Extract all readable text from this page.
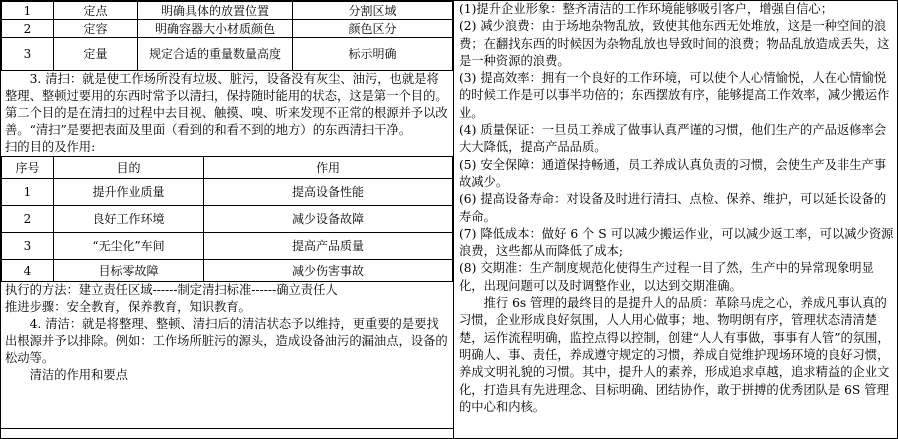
1	定点	明确具体的放置位置	分割区域
2	定容	明确容器大小材质颜色	颜色区分
3	定量	规定合适的重量数量高度	标示明确

3. 清扫：就是使工作场所没有垃圾、脏污，设备没有灰尘、油污，也就是将整理、整顿过要用的东西时常予以清扫，保持随时能用的状态，这是第一个目的。第二个目的是在清扫的过程中去目视、触摸、嗅、听来发现不正常的根源并予以改善。“清扫”是要把表面及里面（看到的和看不到的地方）的东西清扫干净。

扫的目的及作用:

序号	目的	作用
1	提升作业质量	提高设备性能
2	良好工作环境	减少设备故障
3	“无尘化”车间	提高产品质量
4	目标零故障	减少伤害事故

执行的方法：建立责任区域------制定清扫标准------确立责任人

推进步骤：安全教育，保养教育，知识教育。

4. 清洁：就是将整理、整顿、清扫后的清洁状态予以维持，更重要的是要找出根源并予以排除。例如：工作场所脏污的源头，造成设备油污的漏油点，设备的松动等。

清洁的作用和要点

(1)提升企业形象：整齐清洁的工作环境能够吸引客户，增强自信心；

(2) 减少浪费：由于场地杂物乱放，致使其他东西无处堆放，这是一种空间的浪费；在翻找东西的时候因为杂物乱放也导致时间的浪费；物品乱放造成丢失，这是一种资源的浪费。

(3) 提高效率：拥有一个良好的工作环境，可以使个人心情愉悦，人在心情愉悦的时候工作是可以事半功倍的；东西摆放有序，能够提高工作效率，减少搬运作业。

(4) 质量保证：一旦员工养成了做事认真严谨的习惯，他们生产的产品返修率会大大降低，提高产品品质。

(5) 安全保障：通道保持畅通，员工养成认真负责的习惯，会使生产及非生产事故减少。

(6) 提高设备寿命：对设备及时进行清扫、点检、保养、维护，可以延长设备的寿命。

(7) 降低成本：做好 6 个 S 可以减少搬运作业，可以减少返工率，可以减少资源浪费，这些都从而降低了成本;

(8) 交期准：生产制度规范化使得生产过程一目了然，生产中的异常现象明显化，出现问题可以及时调整作业，以达到交期准确。

推行 6s 管理的最终目的是提升人的品质：革除马虎之心，养成凡事认真的习惯，企业形成良好氛围，人人用心做事；地、物明朗有序，管理状态清清楚楚，运作流程明确，监控点得以控制，创建“人人有事做，事事有人管”的氛围，明确人、事、责任，养成遵守规定的习惯，养成自觉维护现场环境的良好习惯，养成文明礼貌的习惯。其中，提升人的素养，形成追求卓越，追求精益的企业文化，打造具有先进理念、目标明确、团结协作，敢于拼搏的优秀团队是 6S 管理的中心和内核。
